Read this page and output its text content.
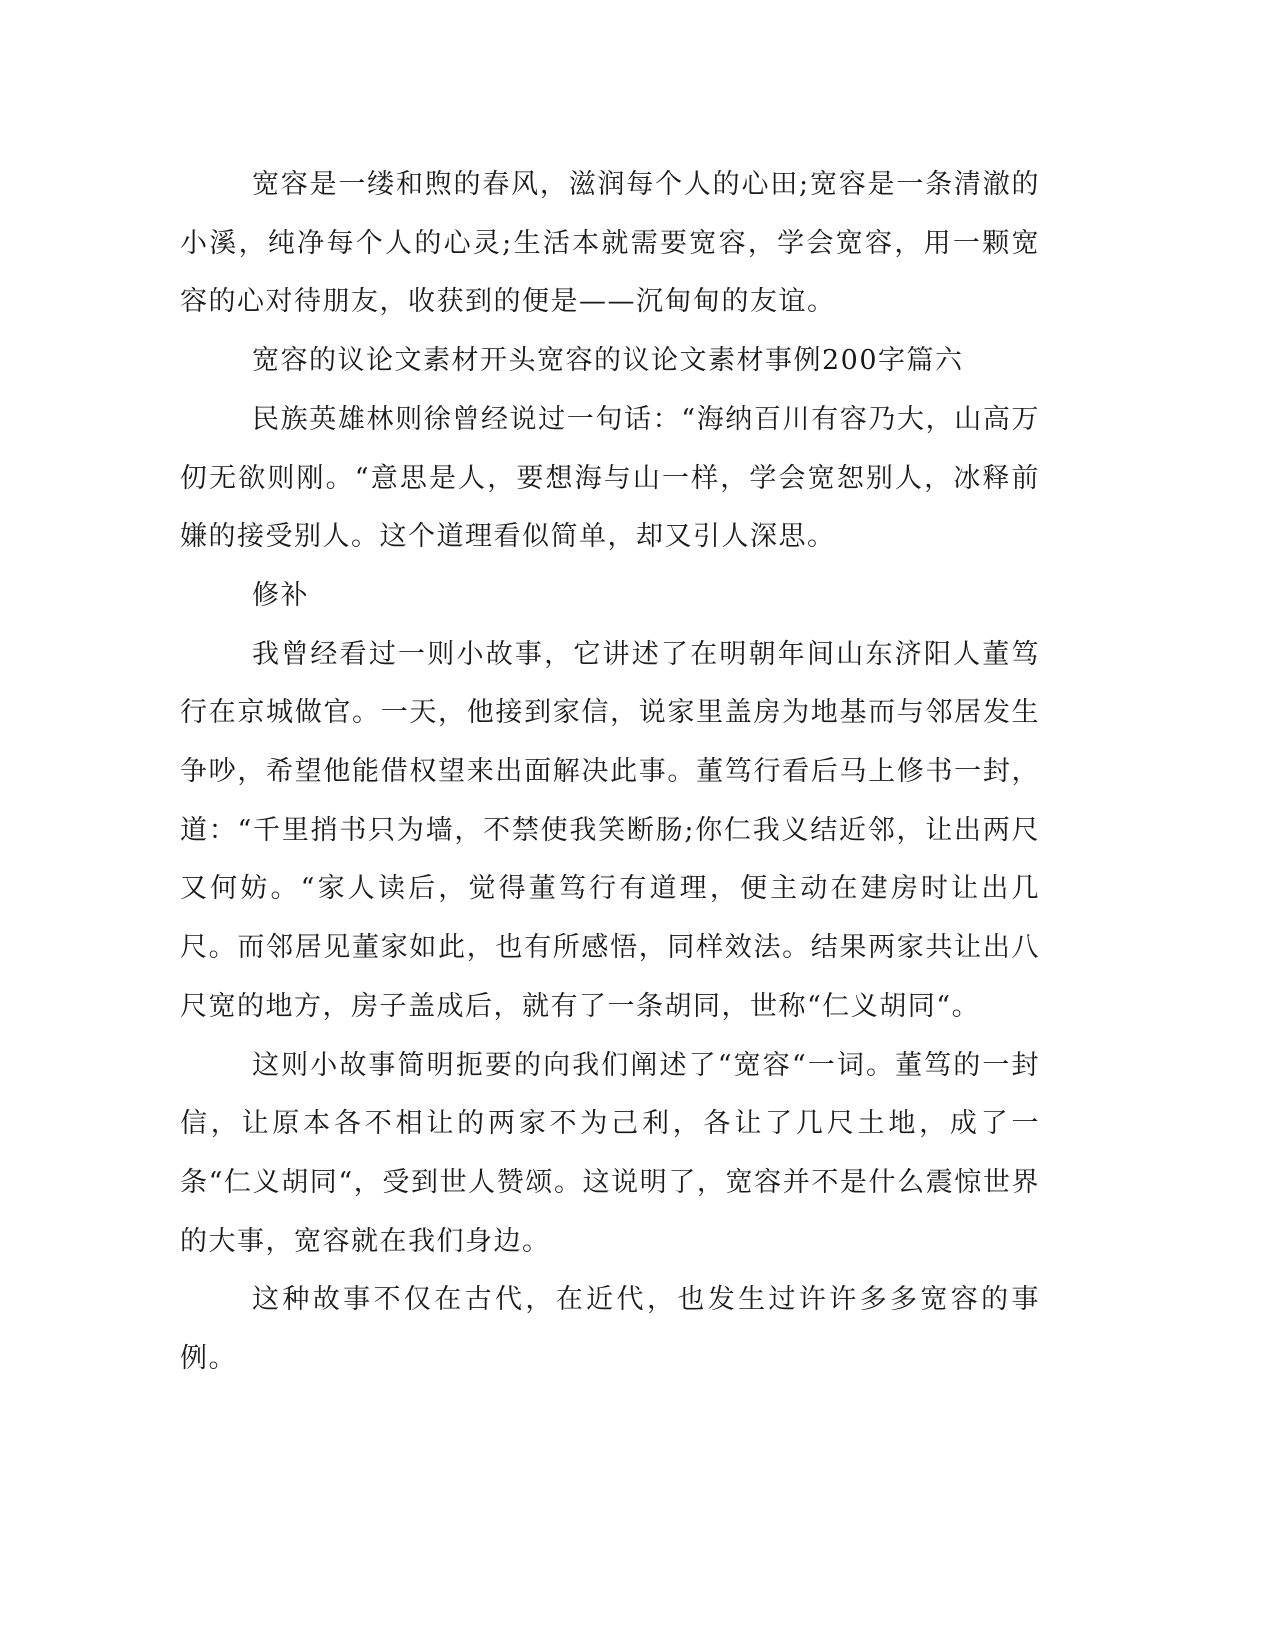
宽容是一缕和煦的春风，滋润每个人的心田;宽容是一条清澈的小溪，纯净每个人的心灵;生活本就需要宽容，学会宽容，用一颗宽容的心对待朋友，收获到的便是——沉甸甸的友谊。

宽容的议论文素材开头宽容的议论文素材事例200字篇六

民族英雄林则徐曾经说过一句话：“海纳百川有容乃大，山高万仞无欲则刚。“意思是人，要想海与山一样，学会宽恕别人，冰释前嫌的接受别人。这个道理看似简单，却又引人深思。

修补

我曾经看过一则小故事，它讲述了在明朝年间山东济阳人董笃行在京城做官。一天，他接到家信，说家里盖房为地基而与邻居发生争吵，希望他能借权望来出面解决此事。董笃行看后马上修书一封，道：“千里捎书只为墙，不禁使我笑断肠;你仁我义结近邻，让出两尺又何妨。“家人读后，觉得董笃行有道理，便主动在建房时让出几尺。而邻居见董家如此，也有所感悟，同样效法。结果两家共让出八尺宽的地方，房子盖成后，就有了一条胡同，世称“仁义胡同“。

这则小故事简明扼要的向我们阐述了“宽容“一词。董笃的一封信，让原本各不相让的两家不为己利，各让了几尺土地，成了一条“仁义胡同“，受到世人赞颂。这说明了，宽容并不是什么震惊世界的大事，宽容就在我们身边。

这种故事不仅在古代，在近代，也发生过许许多多宽容的事例。
